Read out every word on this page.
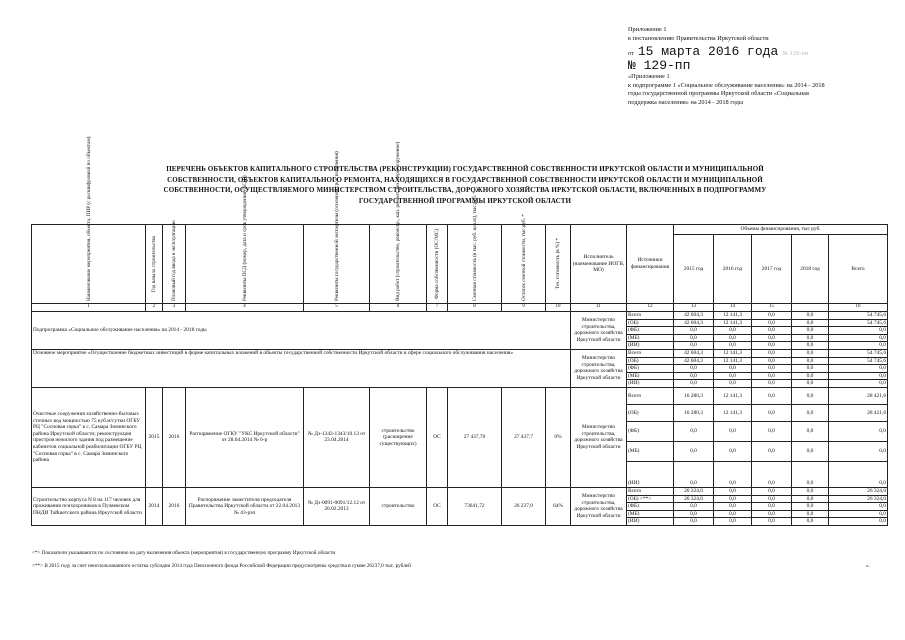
Приложение 1
к постановлению Правительства Иркутской области
от 15 марта 2016 года № 129-пп
№ 129-пп
«Приложение 1
к подпрограмме 1 «Социальное обслуживание населения» на 2014 - 2018
годы государственной программы Иркутской области «Социальная
поддержка населения» на 2014 - 2018 годы
ПЕРЕЧЕНЬ ОБЪЕКТОВ КАПИТАЛЬНОГО СТРОИТЕЛЬСТВА (РЕКОНСТРУКЦИИ) ГОСУДАРСТВЕННОЙ СОБСТВЕННОСТИ ИРКУТСКОЙ ОБЛАСТИ И МУНИЦИПАЛЬНОЙ СОБСТВЕННОСТИ, ОБЪЕКТОВ КАПИТАЛЬНОГО РЕМОНТА, НАХОДЯЩИХСЯ В ГОСУДАРСТВЕННОЙ СОБСТВЕННОСТИ ИРКУТСКОЙ ОБЛАСТИ И МУНИЦИПАЛЬНОЙ СОБСТВЕННОСТИ, ОСУЩЕСТВЛЯЕМОГО МИНИСТЕРСТВОМ СТРОИТЕЛЬСТВА, ДОРОЖНОГО ХОЗЯЙСТВА ИРКУТСКОЙ ОБЛАСТИ, ВКЛЮЧЕННЫХ В ПОДПРОГРАММУ ГОСУДАРСТВЕННОЙ ПРОГРАММЫ ИРКУТСКОЙ ОБЛАСТИ
Наименование мероприятия, объекта, ПИР (с расшифровкой по объектам)	Год начала строительства	Плановый год ввода в эксплуатацию	Реквизиты ПСД (номер, дата и срок утверждения (КСД))	Реквизиты государственной экспертизы (основной срок получения)	Вид работ (строительство, реконстр., кап. ремонт, тех. перевооружение)	Форма собственности (ОС/МС)	Сметная стоимость (в тыс. руб. ценах), тыс.руб. *	Остаток сметной стоимости, тыс.руб. *	Тех. готовность (в %) *	Исполнитель (наименование ИОГВ, МО)	Источники финансирования	Объемы финансирования, тыс руб.				
												2015 год	2016 год	2017 год	2018 год	Всего
1	2	3	4	5	6	7	8	9	10	11	12	13	14	15		16
Подпрограмма «Социальное обслуживание населения» на 2014 - 2018 годы										Министерство строительства, дорожного хозяйства Иркутской области	Всего	42 604,3	12 141,3	0,0	0,0	54 745,6
											(ОБ)	42 604,3	12 141,3	0,0	0,0	54 745,6
											(ФБ)	0,0	0,0	0,0	0,0	0,0
											(МБ)	0,0	0,0	0,0	0,0	0,0
											(ИИ)	0,0	0,0	0,0	0,0	0,0
Основное мероприятие «Осуществление бюджетных инвестиций в форме капитальных вложений в объекты государственной собственности Иркутской области в сфере социального обслуживания населения»										Министерство строительства, дорожного хозяйства Иркутской области	Всего	42 604,3	12 141,3	0,0	0,0	54 745,6
											(ОБ)	42 604,3	12 141,3	0,0	0,0	54 745,6
											(ФБ)	0,0	0,0	0,0	0,0	0,0
											(МБ)	0,0	0,0	0,0	0,0	0,0
											(ИИ)	0,0	0,0	0,0	0,0	0,0
Очистные сооружения хозяйственно-бытовых сточных вод мощностью 75 куб.м/сутки ОГБУ РЦ "Сосновая горка" в с. Самара Зиминского района Иркутской области; реконструкция пристроя нежилого здания под размещение кабинетов социальной реабилитации ОГБУ РЦ "Сосновая горка" в с. Самара Зиминского района	2015	2016	Распоряжение ОГКУ "УКС Иркутской области" от 28.04.2014 № 6-р	№ Дз-1343-1343/10.13 от 23.04.2014	строительство (расширение существующих)	ОС	27 437,70	27 437,7	0%	Министерство строительства, дорожного хозяйства Иркутской области	Всего	16 280,3	12 141,3	0,0	0,0	28 421,6
											(ОБ)	16 280,3	12 141,3	0,0	0,0	28 421,6
											(ФБ)	0,0	0,0	0,0	0,0	0,0
											(МБ)	0,0	0,0	0,0	0,0	0,0
											(ИИ)	0,0	0,0	0,0	0,0	0,0
Строительство корпуса N 8 на 117 человек для проживания психохроников в Пуляевском ПНДИ Тайшетского района Иркутской области	2014	2016	Распоряжение заместителя председателя Правительства Иркутской области от 22.04.2013 № 43-рзп	№ Дз-0091-0091/12.12 от 20.02.2013	строительство	ОС	73641,72	26 237,0	64%	Министерство строительства, дорожного хозяйства Иркутской области	Всего	26 324,0	0,0	0,0	0,0	26 324,0
											(ОБ) <**>	26 324,0	0,0	0,0	0,0	26 324,0
											(ФБ)	0,0	0,0	0,0	0,0	0,0
											(МБ)	0,0	0,0	0,0	0,0	0,0
											(ИИ)	0,0	0,0	0,0	0,0	0,0
<*> Показатели указываются по состоянию на дату включения объекта (мероприятия) в государственную программу Иркутской области
<**> В 2015 году за счет неиспользованного остатка субсидии 2014 года Пенсионного фонда Российской Федерации предусмотрены средства в сумме 26237,0 тыс. рублей	».
